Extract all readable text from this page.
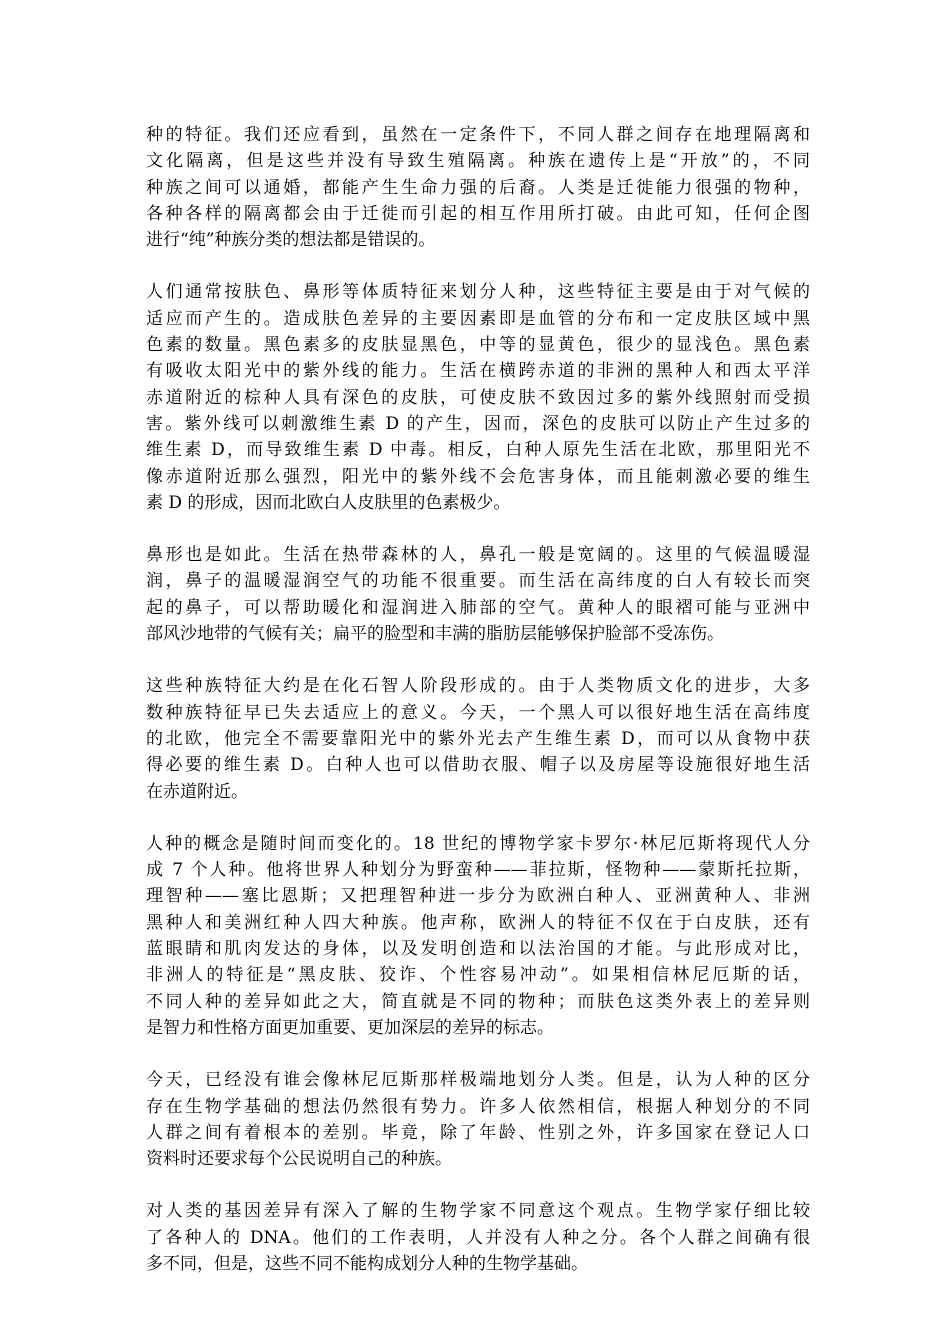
种的特征。我们还应看到，虽然在一定条件下，不同人群之间存在地理隔离和
文化隔离，但是这些并没有导致生殖隔离。种族在遗传上是“开放”的，不同
种族之间可以通婚，都能产生生命力强的后裔。人类是迁徙能力很强的物种，
各种各样的隔离都会由于迁徙而引起的相互作用所打破。由此可知，任何企图
进行“纯”种族分类的想法都是错误的。

人们通常按肤色、鼻形等体质特征来划分人种，这些特征主要是由于对气候的
适应而产生的。造成肤色差异的主要因素即是血管的分布和一定皮肤区域中黑
色素的数量。黑色素多的皮肤显黑色，中等的显黄色，很少的显浅色。黑色素
有吸收太阳光中的紫外线的能力。生活在横跨赤道的非洲的黑种人和西太平洋
赤道附近的棕种人具有深色的皮肤，可使皮肤不致因过多的紫外线照射而受损
害。紫外线可以刺激维生素 D 的产生，因而，深色的皮肤可以防止产生过多的
维生素 D，而导致维生素 D 中毒。相反，白种人原先生活在北欧，那里阳光不
像赤道附近那么强烈，阳光中的紫外线不会危害身体，而且能刺激必要的维生
素 D 的形成，因而北欧白人皮肤里的色素极少。

鼻形也是如此。生活在热带森林的人，鼻孔一般是宽阔的。这里的气候温暖湿
润，鼻子的温暖湿润空气的功能不很重要。而生活在高纬度的白人有较长而突
起的鼻子，可以帮助暖化和湿润进入肺部的空气。黄种人的眼褶可能与亚洲中
部风沙地带的气候有关；扁平的脸型和丰满的脂肪层能够保护脸部不受冻伤。

这些种族特征大约是在化石智人阶段形成的。由于人类物质文化的进步，大多
数种族特征早已失去适应上的意义。今天，一个黑人可以很好地生活在高纬度
的北欧，他完全不需要靠阳光中的紫外光去产生维生素 D，而可以从食物中获
得必要的维生素 D。白种人也可以借助衣服、帽子以及房屋等设施很好地生活
在赤道附近。

人种的概念是随时间而变化的。18 世纪的博物学家卡罗尔·林尼厄斯将现代人分
成 7 个人种。他将世界人种划分为野蛮种——菲拉斯，怪物种——蒙斯托拉斯，
理智种——塞比恩斯；又把理智种进一步分为欧洲白种人、亚洲黄种人、非洲
黑种人和美洲红种人四大种族。他声称，欧洲人的特征不仅在于白皮肤，还有
蓝眼睛和肌肉发达的身体，以及发明创造和以法治国的才能。与此形成对比，
非洲人的特征是“黑皮肤、狡诈、个性容易冲动”。如果相信林尼厄斯的话，
不同人种的差异如此之大，简直就是不同的物种；而肤色这类外表上的差异则
是智力和性格方面更加重要、更加深层的差异的标志。

今天，已经没有谁会像林尼厄斯那样极端地划分人类。但是，认为人种的区分
存在生物学基础的想法仍然很有势力。许多人依然相信，根据人种划分的不同
人群之间有着根本的差别。毕竟，除了年龄、性别之外，许多国家在登记人口
资料时还要求每个公民说明自己的种族。

对人类的基因差异有深入了解的生物学家不同意这个观点。生物学家仔细比较
了各种人的 DNA。他们的工作表明，人并没有人种之分。各个人群之间确有很
多不同，但是，这些不同不能构成划分人种的生物学基础。
